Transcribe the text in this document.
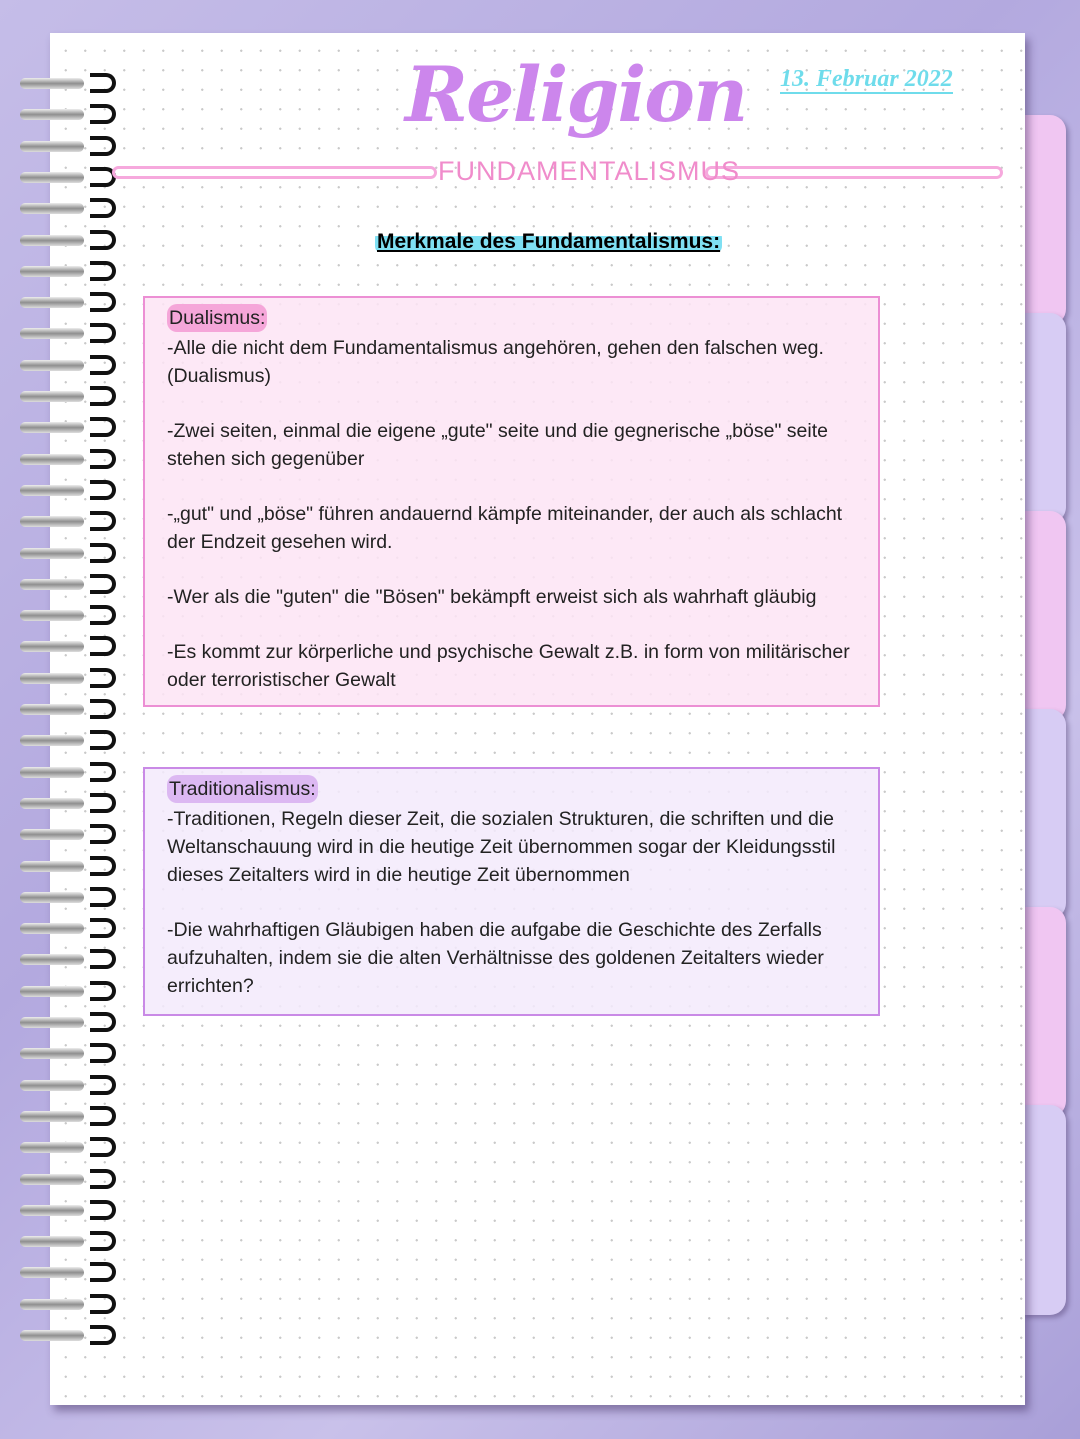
Religion 13. Februar 2022
FUNDAMENTALISMUS
Merkmale des Fundamentalismus:
Dualismus:

-Alle die nicht dem Fundamentalismus angehören, gehen den falschen weg. (Dualismus)

-Zwei seiten, einmal die eigene „gute" seite und die gegnerische „böse" seite stehen sich gegenüber

-„gut" und „böse" führen andauernd kämpfe miteinander, der auch als schlacht der Endzeit gesehen wird.

-Wer als die "guten" die "Bösen" bekämpft erweist sich als wahrhaft gläubig

-Es kommt zur körperliche und psychische Gewalt z.B. in form von militärischer oder terroristischer Gewalt

Traditionalismus:

-Traditionen, Regeln dieser Zeit, die sozialen Strukturen, die schriften und die Weltanschauung wird in die heutige Zeit übernommen sogar der Kleidungsstil dieses Zeitalters wird in die heutige Zeit übernommen

-Die wahrhaftigen Gläubigen haben die aufgabe die Geschichte des Zerfalls aufzuhalten, indem sie die alten Verhältnisse des goldenen Zeitalters wieder errichten?
